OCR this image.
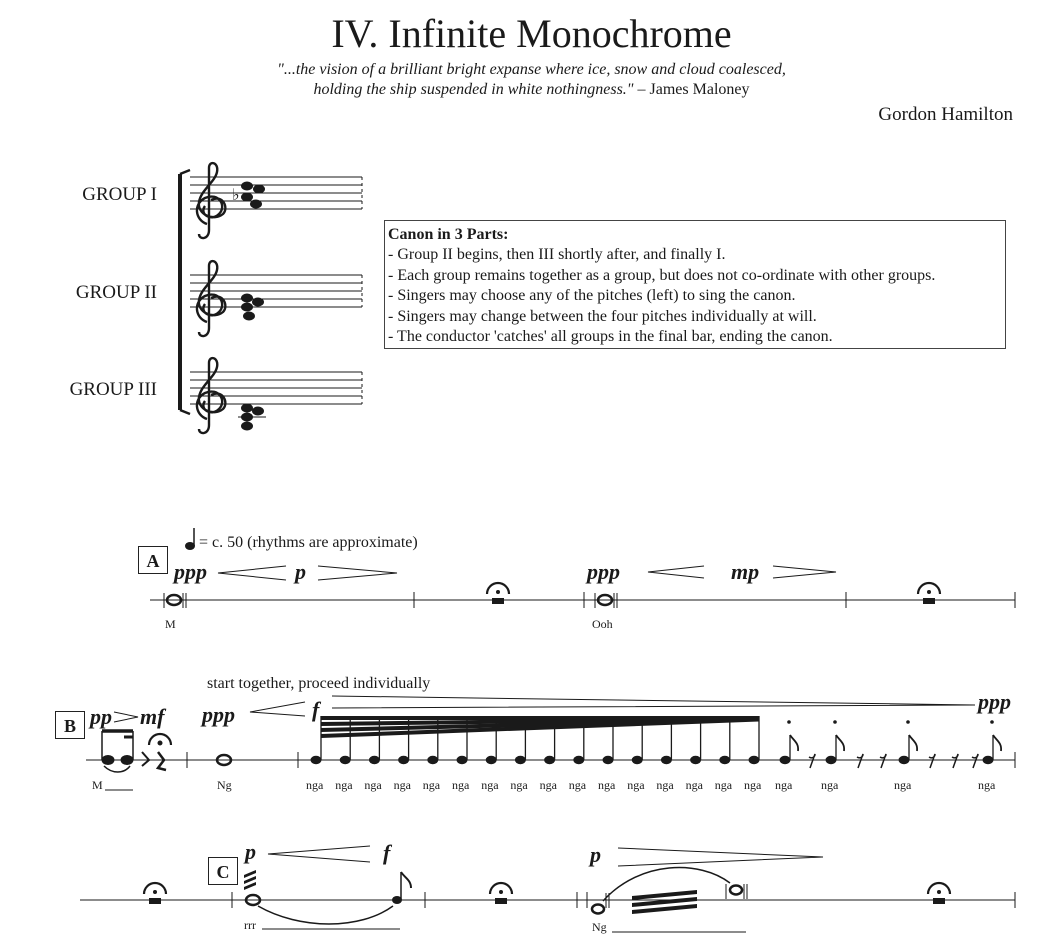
IV. Infinite Monochrome
"...the vision of a brilliant bright expanse where ice, snow and cloud coalesced,
holding the ship suspended in white nothingness." – James Maloney
Gordon Hamilton
GROUP I
GROUP II
GROUP III
Canon in 3 Parts:
- Group II begins, then III shortly after, and finally I.
- Each group remains together as a group, but does not co-ordinate with other groups.
- Singers may choose any of the pitches (left) to sing the canon.
- Singers may change between the four pitches individually at will.
- The conductor 'catches' all groups in the final bar, ending the canon.
♭
A
= c. 50 (rhythms are approximate)
ppp	p	ppp	mp
M	Ooh
B pp mf ppp	f	ppp
start together, proceed individually
M	Ng	nga nga nga nga nga nga nga nga nga nga nga nga nga nga nga nga nga nga	nga	nga
C
p	f	p
rrr	Ng
